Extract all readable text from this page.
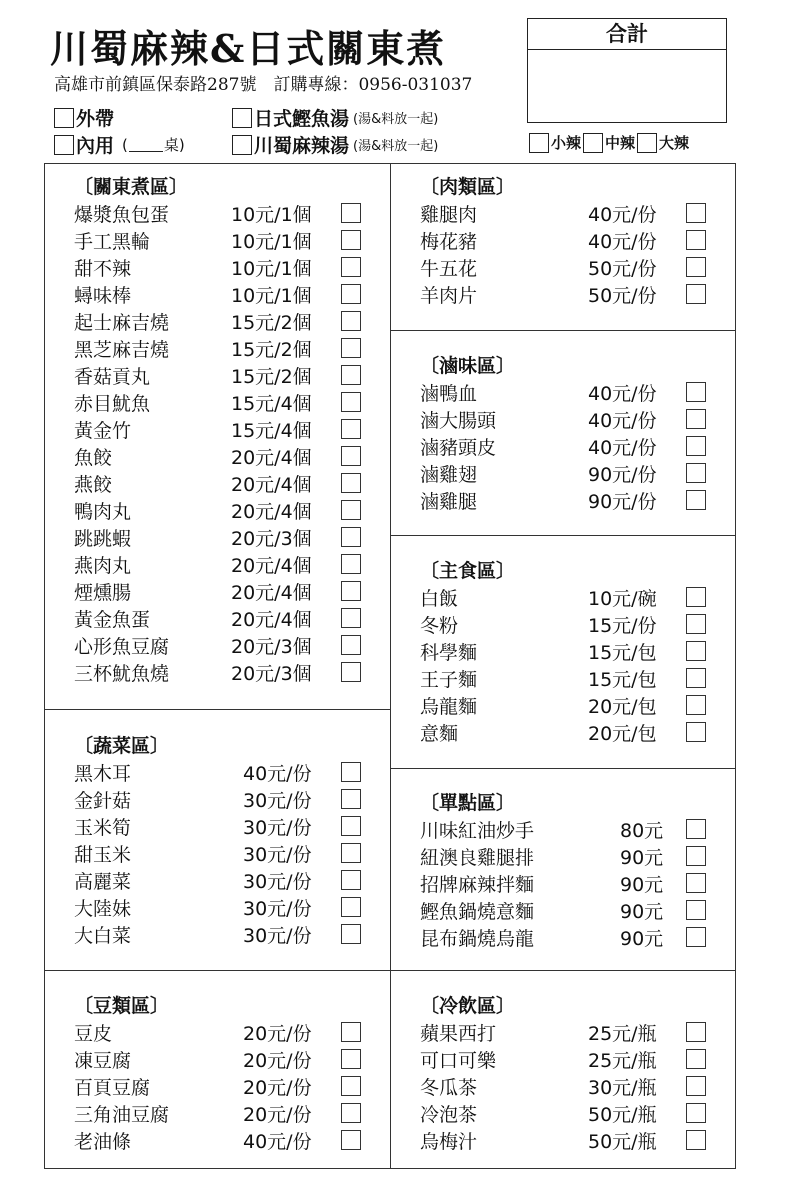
川蜀麻辣&日式關東煮
高雄市前鎮區保泰路287號　訂購專線：0956-031037
合計
外帶
內用 ( 桌)
日式鰹魚湯 (湯&料放一起)
川蜀麻辣湯 (湯&料放一起)	小辣 中辣 大辣
〔關東煮區〕
爆漿魚包蛋	10元/1個
手工黑輪	10元/1個
甜不辣	10元/1個
蟳味棒	10元/1個
起士麻吉燒	15元/2個
黑芝麻吉燒	15元/2個
香菇貢丸	15元/2個
赤目魷魚	15元/4個
黃金竹	15元/4個
魚餃	20元/4個
燕餃	20元/4個
鴨肉丸	20元/4個
跳跳蝦	20元/3個
燕肉丸	20元/4個
煙燻腸	20元/4個
黃金魚蛋	20元/4個
心形魚豆腐	20元/3個
三杯魷魚燒	20元/3個
〔蔬菜區〕
黑木耳	40元/份
金針菇	30元/份
玉米筍	30元/份
甜玉米	30元/份
高麗菜	30元/份
大陸妹	30元/份
大白菜	30元/份
〔豆類區〕
豆皮	20元/份
凍豆腐	20元/份
百頁豆腐	20元/份
三角油豆腐	20元/份
老油條	40元/份
〔肉類區〕
雞腿肉	40元/份
梅花豬	40元/份
牛五花	50元/份
羊肉片	50元/份
〔滷味區〕
滷鴨血	40元/份
滷大腸頭	40元/份
滷豬頭皮	40元/份
滷雞翅	90元/份
滷雞腿	90元/份
〔主食區〕
白飯	10元/碗
冬粉	15元/份
科學麵	15元/包
王子麵	15元/包
烏龍麵	20元/包
意麵	20元/包
〔單點區〕
川味紅油炒手	80元
紐澳良雞腿排	90元
招牌麻辣拌麵	90元
鰹魚鍋燒意麵	90元
昆布鍋燒烏龍	90元
〔冷飲區〕
蘋果西打	25元/瓶
可口可樂	25元/瓶
冬瓜茶	30元/瓶
冷泡茶	50元/瓶
烏梅汁	50元/瓶
